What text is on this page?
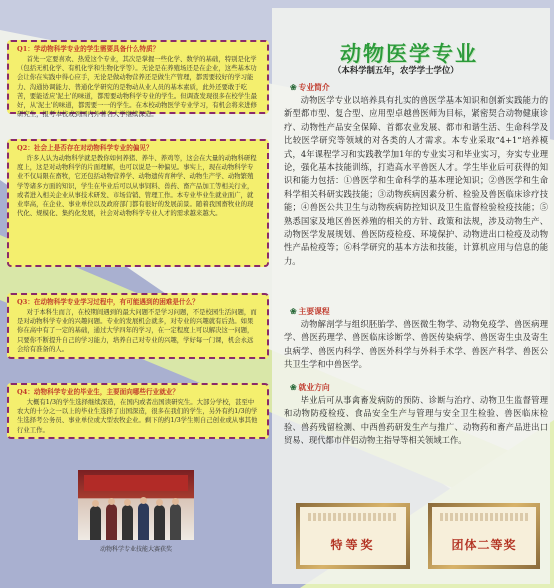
Q1：学动物科学专业的学生需要具备什么特质？
首先一定要喜欢、热爱这个专业，其次是掌握一些化学、数学的基础，特别是化学（包括无机化学、有机化学和生物化学等）。无论是在养殖场还是在企业，这些基本功会让你在实践中得心应手，无论是做动物营养还是做生产管理，都需要较好的学习能力、沟通协调能力、普通化学研究的是物动从业人员的基本素质，此外还要敢于吃苦，要能适应'泥土'的味道，都需要动物科学专业的学生。但调查发现很多在校学生最好，从'泥土'的味道，都需要一一的学生。在本校动物医学专业学习，有机会将来进修研究生，报考本校或到国内外著名大学继续深造。
Q2：社会上是否存在对动物科学专业的偏见？
许多人认为动物科学就是教你如何养猪、养牛、养鸡等，这会在大量的动物科研程度上，这是对动物科学的片面理解，也可以说是一种偏见。事实上，现在动物科学专业不仅局限在畜牧，它还包括动物营养学、动物遗传育种学、动物生产学、动物繁殖学等诸多方面的知识，学生在毕业后可以从事饲料、兽药、畜产品加工等相关行业，或者进入相关企业从事技术研发、市场营销、管理工作。本专业毕业生就业面广，就业率高，在企业、事业单位以及政府部门都有很好的发展前景。随着我国畜牧业的现代化、规模化、集约化发展，社会对动物科学专业人才的需求越来越大。
Q3：在动物科学专业学习过程中，有可能遇到的困难是什么？
对于本科生而言，在校期间遇到的最大问题不是学习问题，不是校园生活问题，而是对动物科学专业的兴趣问题。专业的发展机会就多，对专业的兴趣就有后劲。如果你在高中有了一定的基础，通过大学四年的学习，在一定程度上可以解决这一问题，只要你不断提升自己的学习能力，培养自己对专业的兴趣，学好每一门课，机会永远会给有准备的人。
Q4：动物科学专业的毕业生，主要面向哪些行业就业？
大概有1/3的学生选择继续深造，在国内或者出国读研究生。大部分学校，甚至中农大的十分之一以上的毕业生选择了出国深造，很多在我们的学生，另外有约1/3的学生选择考公务员、事业单位或大型农牧企业。剩下的约1/3学生则自己创业或从事其他行业工作。
动物科学专业技能大赛获奖
动物医学专业
（本科学制五年，农学学士学位）
❀ 专业简介
动物医学专业以培养具有扎实的兽医学基本知识和创新实践能力的新型都市型、复合型、应用型卓越兽医师为目标，紧密契合动物健康诊疗、动物性产品安全保障、首都农业发展、都市和谐生活、生命科学及比较医学研究等领域的对各类的人才需求。本专业采取“4+1”培养模式，4年课程学习和实践教学加1年的专业实习和毕业实习，夯实专业理论，强化基本技能训练，打造高水平兽医人才。学生毕业后可获得的知识和能力包括：①兽医学和生命科学的基本理论知识；②兽医学和生命科学相关科研实践技能；③动物疾病因素分析、检验及兽医临床诊疗技能；④兽医公共卫生与动物疾病防控知识及卫生监督检验检疫技能；⑤熟悉国家及地区兽医养殖的相关的方针、政策和法规，涉及动物生产、动物医学发展规划、兽医防疫检疫、环境保护、动物进出口检疫及动物性产品检疫等；⑥科学研究的基本方法和技能，计算机应用与信息的能力。
❀ 主要课程
动物解剖学与组织胚胎学、兽医微生物学、动物免疫学、兽医病理学、兽医药理学、兽医临床诊断学、兽医传染病学、兽医寄生虫及寄生虫病学、兽医内科学、兽医外科学与外科手术学、兽医产科学、兽医公共卫生学和中兽医学。
❀ 就业方向
毕业后可从事禽畜发病防的预防、诊断与治疗、动物卫生监督管理和动物防疫检疫、食品安全生产与管理与安全卫生检验、兽医临床检验、兽药残留检测、中西兽药研发生产与推广、动物药和畜产品进出口贸易、现代都市伴侣动物主指导等相关领域工作。
特等奖	团体二等奖
